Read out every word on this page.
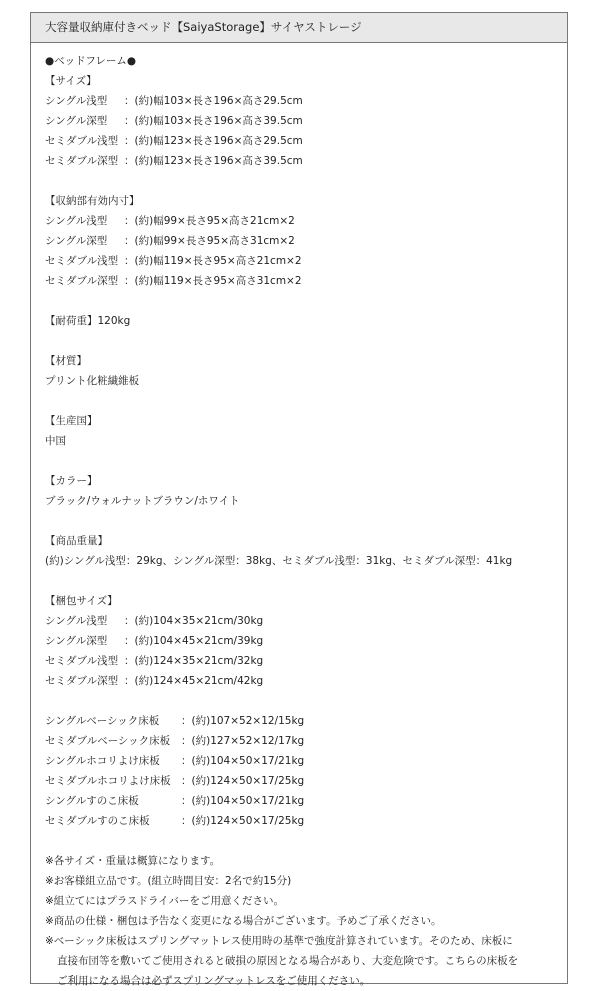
大容量収納庫付きベッド【SaiyaStorage】サイヤストレージ
●ベッドフレーム●
【サイズ】
シングル浅型 ：(約)幅103×長さ196×高さ29.5cm
シングル深型 ：(約)幅103×長さ196×高さ39.5cm
セミダブル浅型 ：(約)幅123×長さ196×高さ29.5cm
セミダブル深型 ：(約)幅123×長さ196×高さ39.5cm
【収納部有効内寸】
シングル浅型 ：(約)幅99×長さ95×高さ21cm×2
シングル深型 ：(約)幅99×長さ95×高さ31cm×2
セミダブル浅型 ：(約)幅119×長さ95×高さ21cm×2
セミダブル深型 ：(約)幅119×長さ95×高さ31cm×2
【耐荷重】120kg
【材質】
プリント化粧繊維板
【生産国】
中国
【カラー】
ブラック/ウォルナットブラウン/ホワイト
【商品重量】
(約)シングル浅型：29kg、シングル深型：38kg、セミダブル浅型：31kg、セミダブル深型：41kg
【梱包サイズ】
シングル浅型 ：(約)104×35×21cm/30kg
シングル深型 ：(約)104×45×21cm/39kg
セミダブル浅型 ：(約)124×35×21cm/32kg
セミダブル深型 ：(約)124×45×21cm/42kg
シングルベーシック床板 ：(約)107×52×12/15kg
セミダブルベーシック床板 ：(約)127×52×12/17kg
シングルホコリよけ床板 ：(約)104×50×17/21kg
セミダブルホコリよけ床板 ：(約)124×50×17/25kg
シングルすのこ床板	：(約)104×50×17/21kg
セミダブルすのこ床板	：(約)124×50×17/25kg
※各サイズ・重量は概算になります。
※お客様組立品です。(組立時間目安：2名で約15分)
※組立てにはプラスドライバーをご用意ください。
※商品の仕様・梱包は予告なく変更になる場合がございます。予めご了承ください。
※ベーシック床板はスプリングマットレス使用時の基準で強度計算されています。そのため、床板に
直接布団等を敷いてご使用されると破損の原因となる場合があり、大変危険です。こちらの床板を
ご利用になる場合は必ずスプリングマットレスをご使用ください。
